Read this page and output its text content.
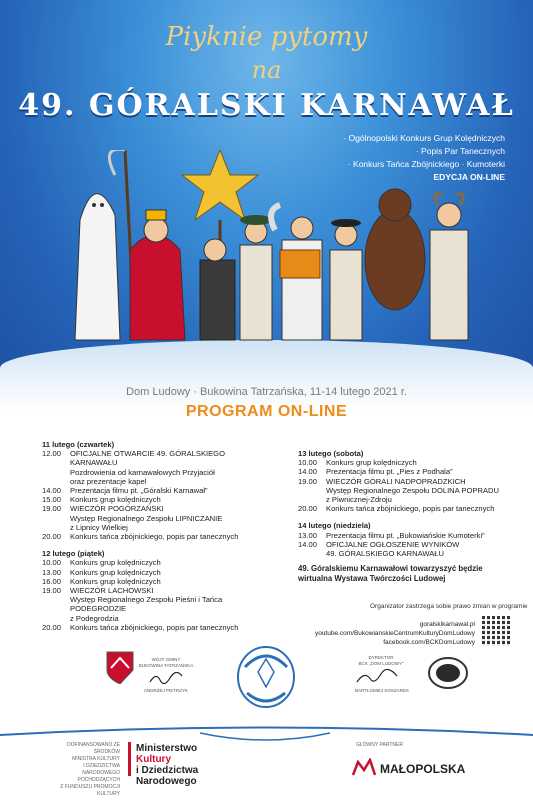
Piyknie pytomy
na
49. GÓRALSKI KARNAWAŁ
· Ogólnopolski Konkurs Grup Kolędniczych
· Popis Par Tanecznych
· Konkurs Tańca Zbójnickiego · Kumoterki
EDYCJA ON-LINE
Dom Ludowy · Bukowina Tatrzańska, 11-14 lutego 2021 r.
PROGRAM ON-LINE
11 lutego (czwartek)
12.00	OFICJALNE OTWARCIE 49. GÓRALSKIEGO KARNAWAŁU
Pozdrowienia od karnawałowych Przyjaciół
oraz prezentacje kapel
14.00	Prezentacja filmu pt. „Góralski Karnawał”
15.00	Konkurs grup kolędniczych
19.00	WIECZÓR POGÓRZAŃSKI
Występ Regionalnego Zespołu LIPNICZANIE
z Lipnicy Wielkiej
20.00	Konkurs tańca zbójnickiego, popis par tanecznych
12 lutego (piątek)
10.00	Konkurs grup kolędniczych
13.00	Konkurs grup kolędniczych
16.00	Konkurs grup kolędniczych
19.00	WIECZÓR LACHOWSKI
Występ Regionalnego Zespołu Pieśni i Tańca PODEGRODZIE
z Podegrodzia
20.00	Konkurs tańca zbójnickiego, popis par tanecznych
13 lutego (sobota)
10.00	Konkurs grup kolędniczych
14.00	Prezentacja filmu pt. „Pies z Podhala”
19.00	WIECZÓR GÓRALI NADPOPRADZKICH
Występ Regionalnego Zespołu DOLINA POPRADU
z Piwnicznej-Zdroju
20.00	Konkurs tańca zbójnickiego, popis par tanecznych
14 lutego (niedziela)
13.00	Prezentacja filmu pt. „Bukowiańskie Kumoterki”
14.00	OFICJALNE OGŁOSZENIE WYNIKÓW
49. GÓRALSKIEGO KARNAWAŁU
49. Góralskiemu Karnawałowi towarzyszyć będzie wirtualna Wystawa Twórczości Ludowej
Organizator zastrzega sobie prawo zmian w programie
goralskikarnawal.pl
youtube.com/BukowianskieCentrumKulturyDomLudowy
facebook.com/BCKDomLudowy
WÓJT GMINY
BUKOWINA TATRZAŃSKA
ANDRZEJ PIETRZYK
DYREKTOR
BCK „DOM LUDOWY”
BARTŁOMIEJ KOSZAREK
DOFINANSOWANO ZE ŚRODKÓW
MINISTRA KULTURY
I DZIEDZICTWA NARODOWEGO
POCHODZĄCYCH
Z FUNDUSZU PROMOCJI KULTURY
Ministerstwo
Kultury
i Dziedzictwa
Narodowego
GŁÓWNY PARTNER
MAŁOPOLSKA
